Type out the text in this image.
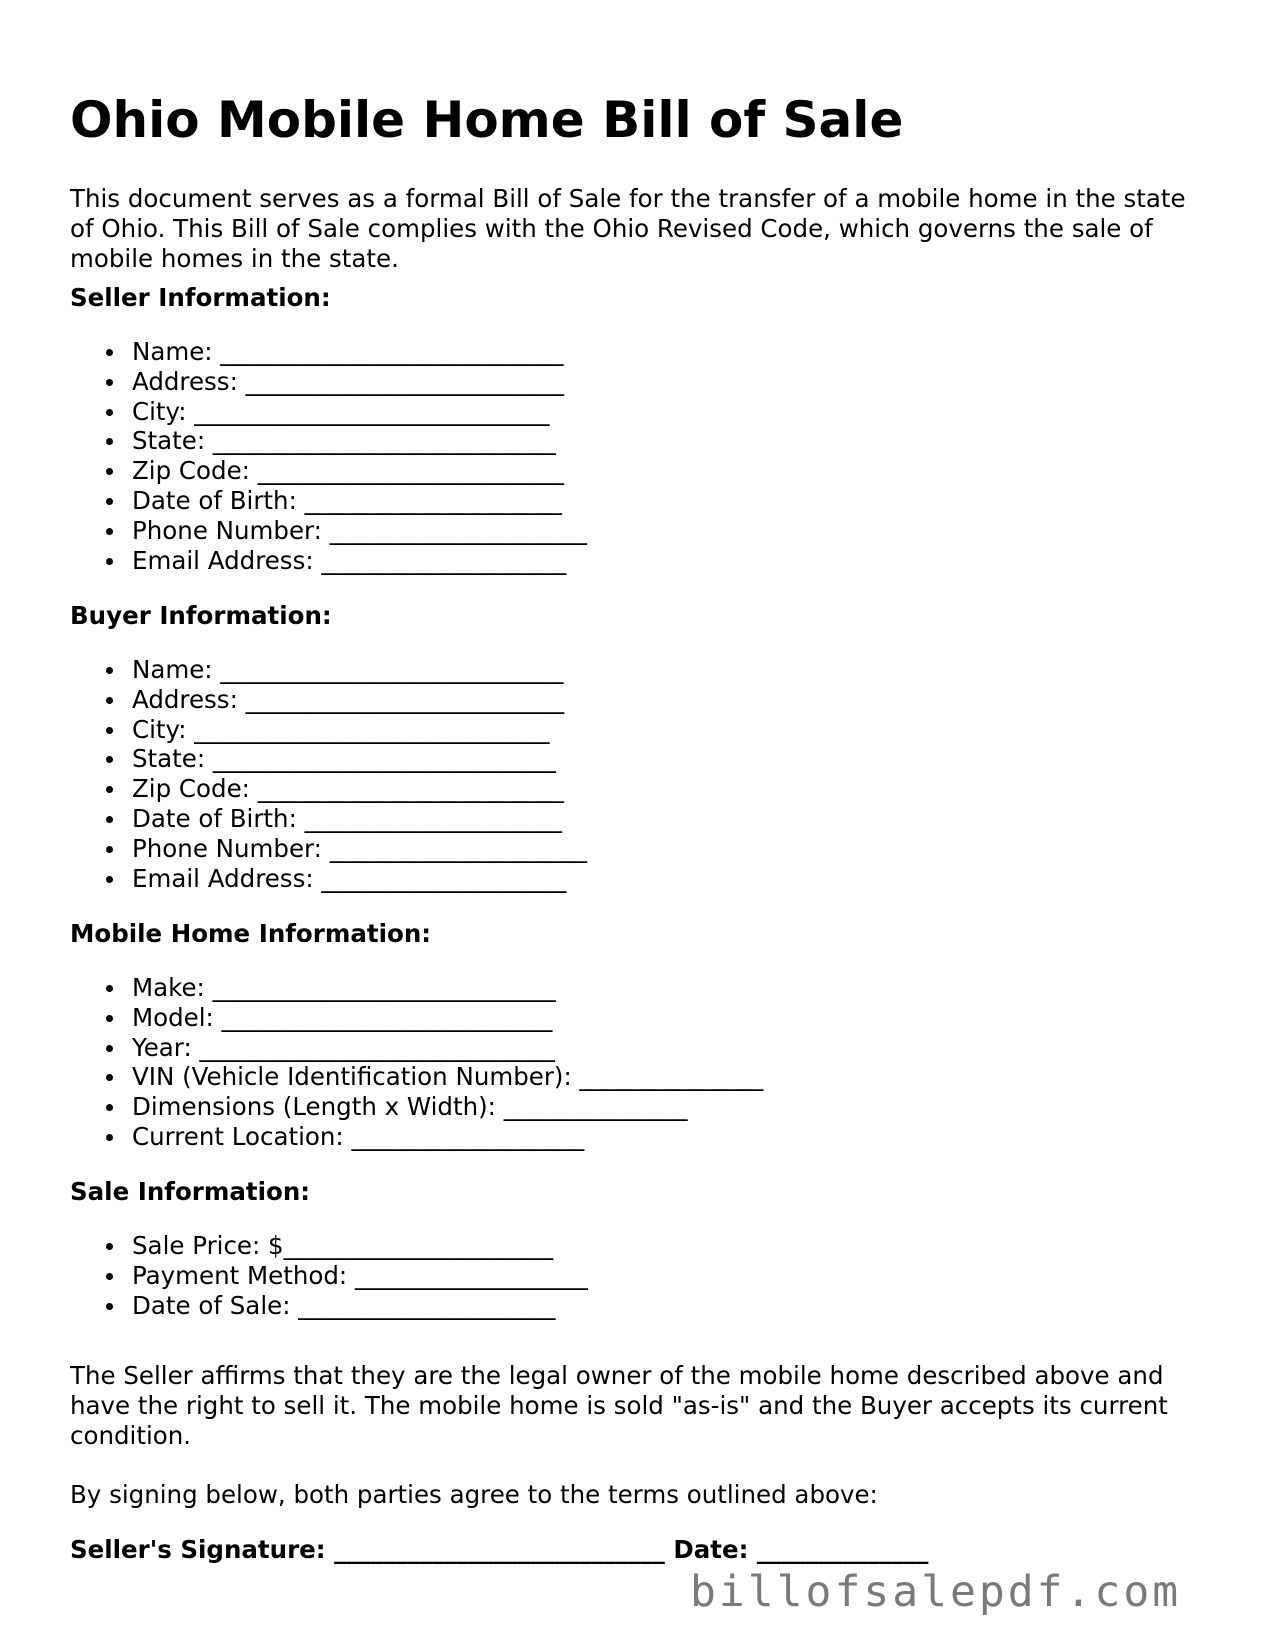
Ohio Mobile Home Bill of Sale

This document serves as a formal Bill of Sale for the transfer of a mobile home in the state of Ohio. This Bill of Sale complies with the Ohio Revised Code, which governs the sale of mobile homes in the state.

Seller Information:
Name: ____________________________
Address: __________________________
City: _____________________________
State: ____________________________
Zip Code: _________________________
Date of Birth: _____________________
Phone Number: _____________________
Email Address: ____________________
Buyer Information:
Name: ____________________________
Address: __________________________
City: _____________________________
State: ____________________________
Zip Code: _________________________
Date of Birth: _____________________
Phone Number: _____________________
Email Address: ____________________
Mobile Home Information:
Make: ____________________________
Model: ___________________________
Year: _____________________________
VIN (Vehicle Identification Number): _______________
Dimensions (Length x Width): _______________
Current Location: ___________________
Sale Information:
Sale Price: $______________________
Payment Method: ___________________
Date of Sale: _____________________

The Seller affirms that they are the legal owner of the mobile home described above and have the right to sell it. The mobile home is sold "as-is" and the Buyer accepts its current condition.

By signing below, both parties agree to the terms outlined above:

Seller's Signature: ___________________________ Date: ______________
billofsalepdf.com
